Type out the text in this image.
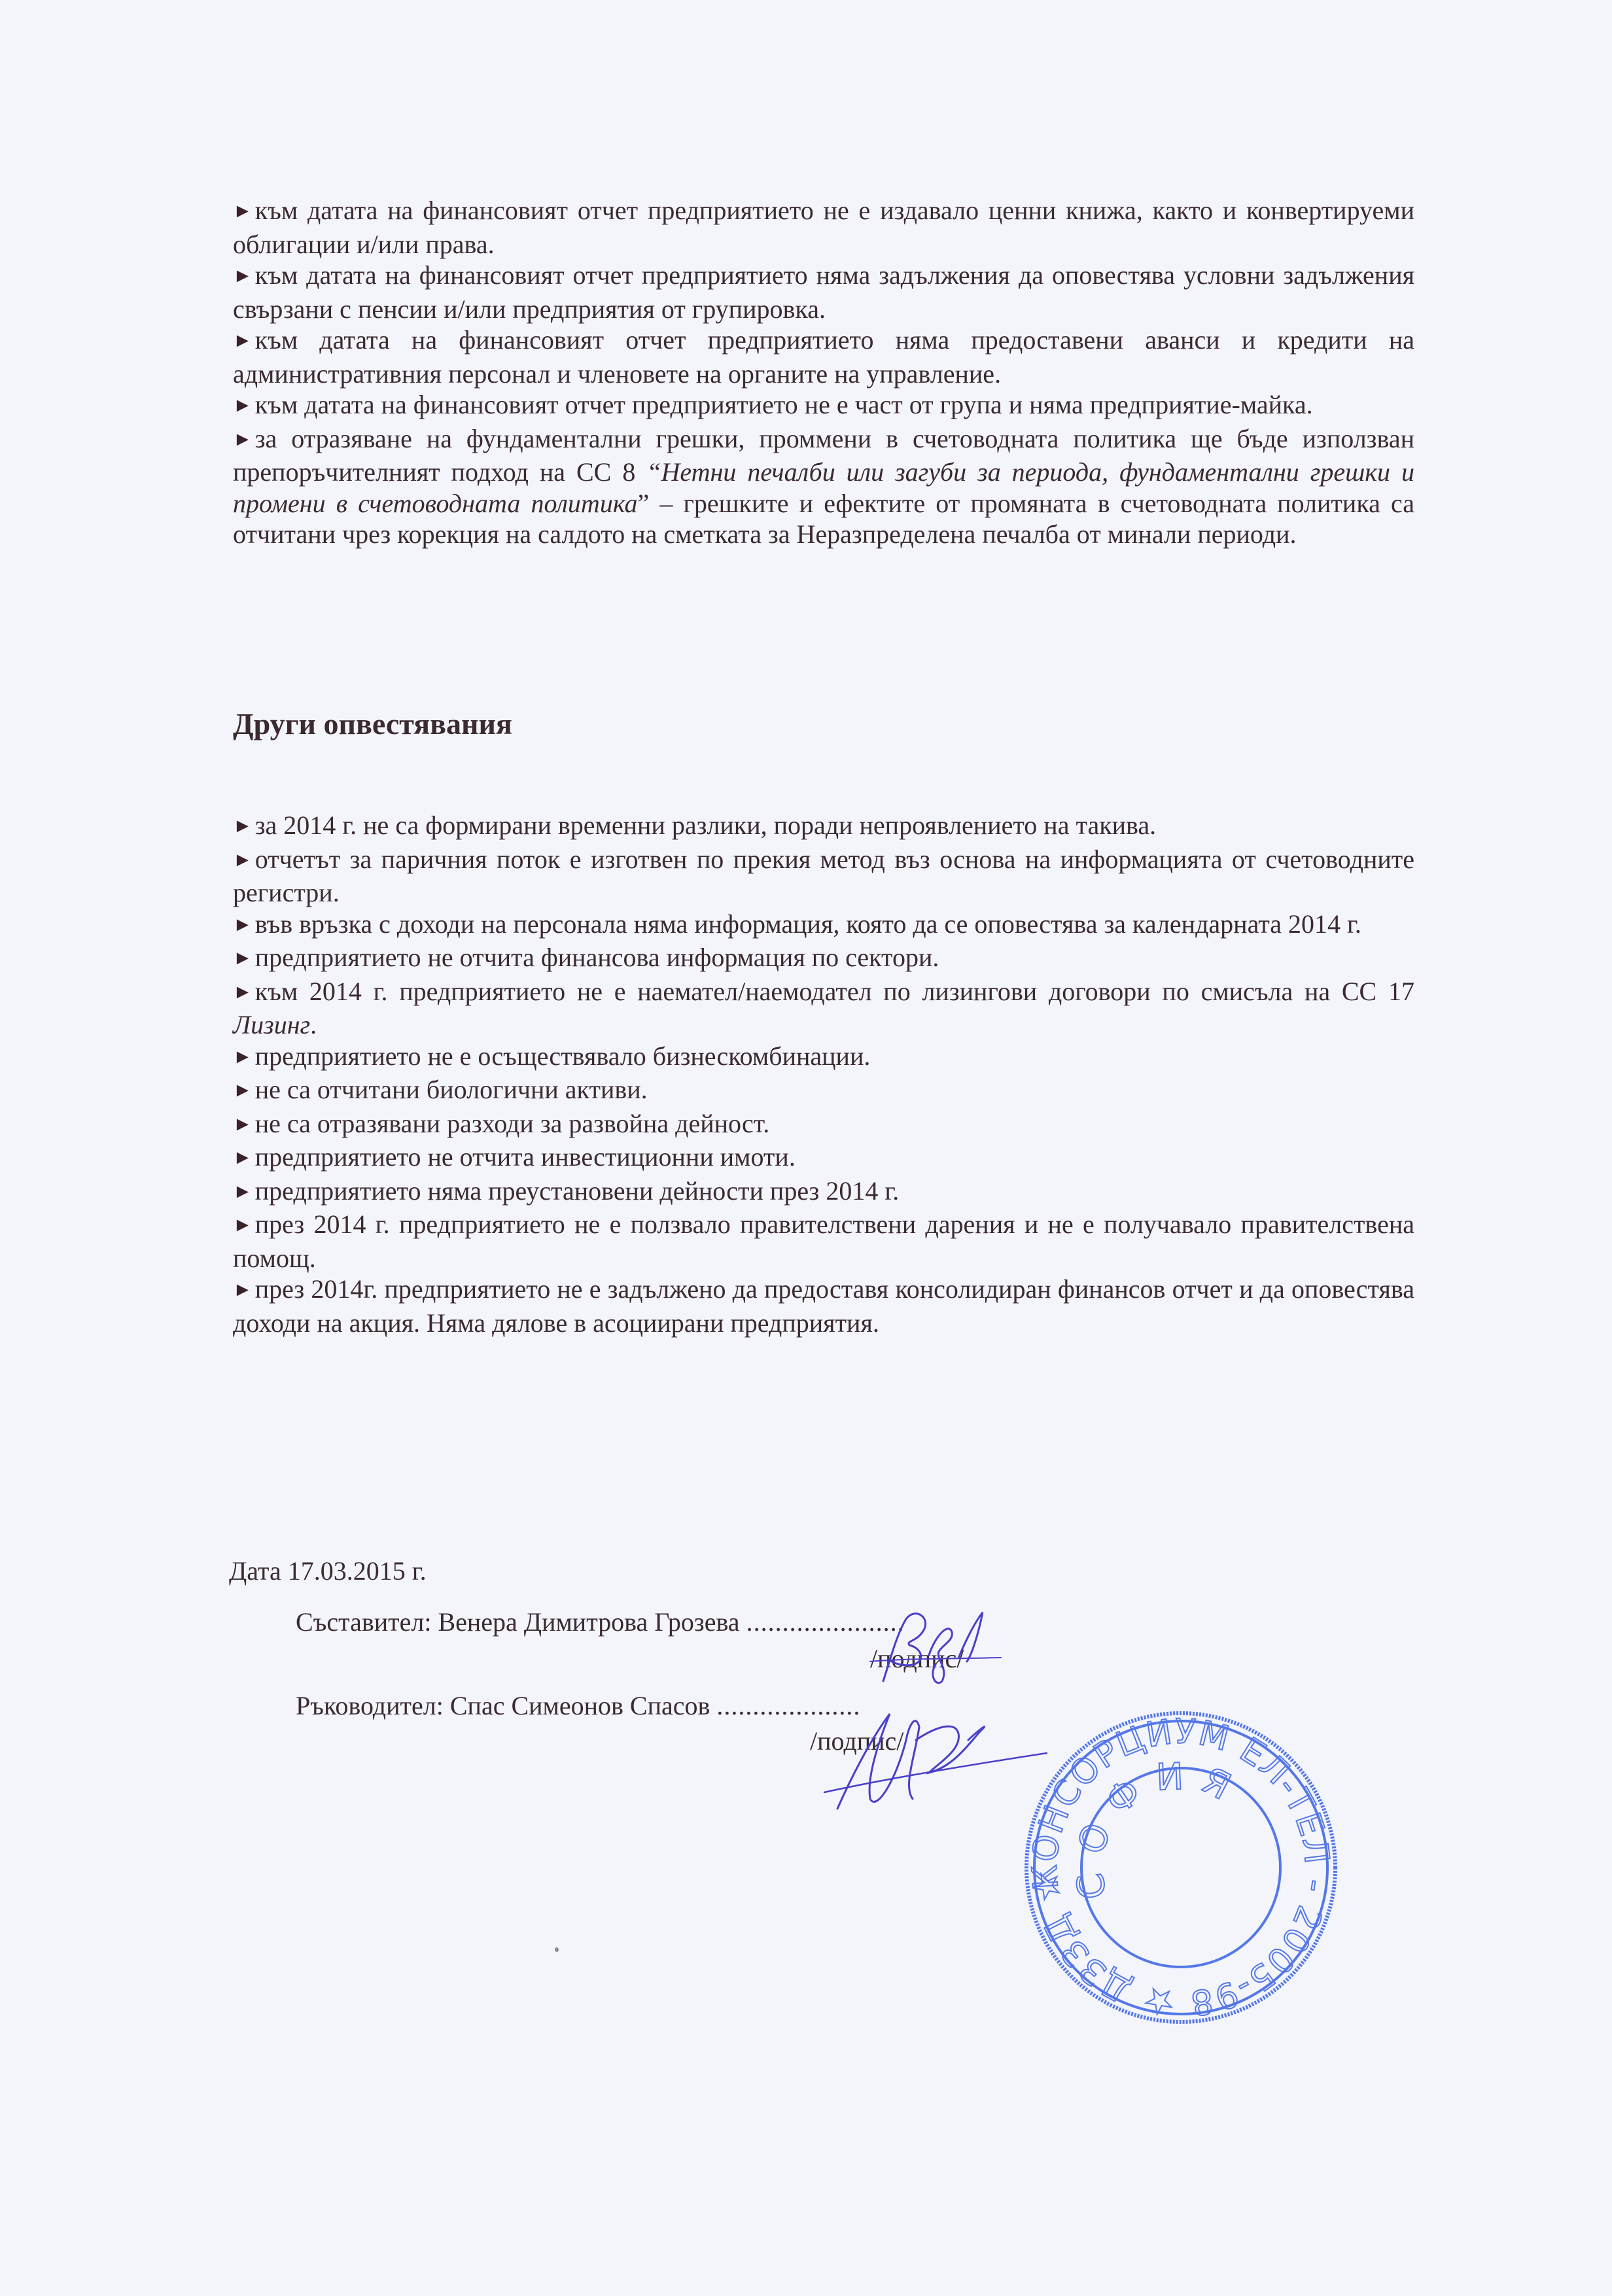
► към датата на финансовият отчет предприятието не е издавало ценни книжа, както и конвертируеми облигации и/или права.

► към датата на финансовият отчет предприятието няма задължения да оповестява условни задължения свързани с пенсии и/или предприятия от групировка.

► към датата на финансовият отчет предприятието няма предоставени аванси и кредити на административния персонал и членовете на органите на управление.

► към датата на финансовият отчет предприятието не е част от група и няма предприятие-майка.

► за отразяване на фундаментални грешки, проммени в счетоводната политика ще бъде използван препоръчителният подход на СС 8 “Нетни печалби или загуби за периода, фундаментални грешки и промени в счетоводната политика” – грешките и ефектите от промяната в счетоводната политика са отчитани чрез корекция на салдото на сметката за Неразпределена печалба от минали периоди.

Други опвестявания

► за 2014 г. не са формирани временни разлики, поради непроявлението на такива.

► отчетът за паричния поток е изготвен по прекия метод въз основа на информацията от счетоводните регистри.

► във връзка с доходи на персонала няма информация, която да се оповестява за календарната 2014 г.

► предприятието не отчита финансова информация по сектори.

► към 2014 г. предприятието не е наемател/наемодател по лизингови договори по смисъла на СС 17 Лизинг.

► предприятието не е осъществявало бизнескомбинации.

► не са отчитани биологични активи.

► не са отразявани разходи за развойна дейност.

► предприятието не отчита инвестиционни имоти.

► предприятието няма преустановени дейности през 2014 г.

► през 2014 г. предприятието не е ползвало правителствени дарения и не е получавало правителствена помощ.

► през 2014г. предприятието не е задължено да предоставя консолидиран финансов отчет и да оповестява доходи на акция. Няма дялове в асоциирани предприятия.

Дата 17.03.2015 г.
Съставител: Венера Димитрова Грозева ......................
/подпис/
Ръководител: Спас Симеонов Спасов ....................
/подпис/
КОНСОРЦИУМ ЕЛ-ТЕЛ - 2005-98 ★ ДЗЗД ★
СОФИЯ
